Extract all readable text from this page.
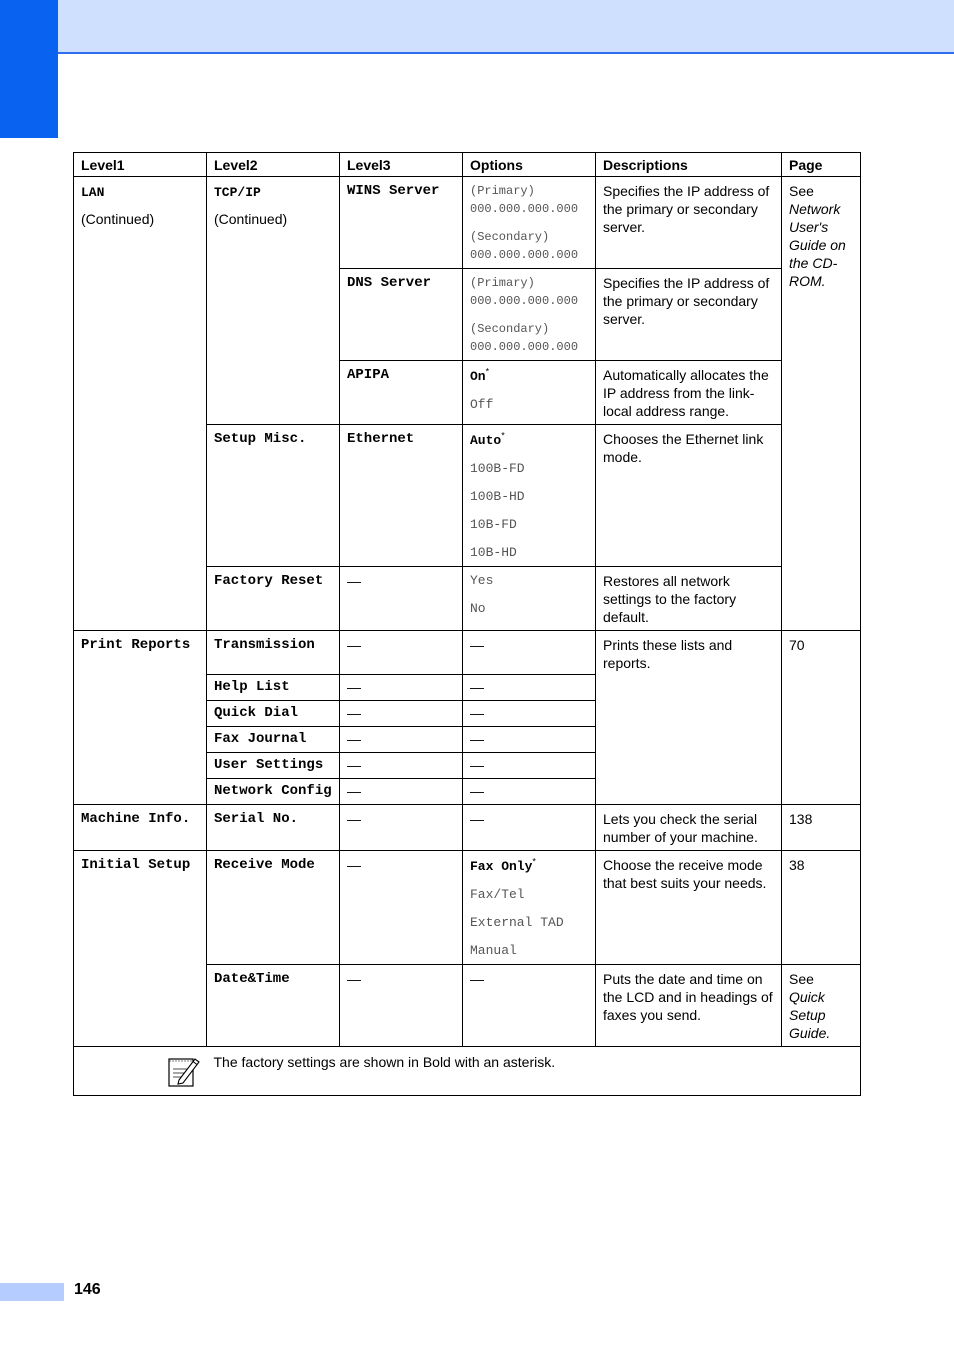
Level1	Level2	Level3	Options	Descriptions	Page
LAN
(Continued)	TCP/IP
(Continued)	WINS Server	(Primary)
000.000.000.000
(Secondary)
000.000.000.000	Specifies the IP address of the primary or secondary server.	See
Network User's Guide on the CD-ROM.
		DNS Server	(Primary)
000.000.000.000
(Secondary)
000.000.000.000	Specifies the IP address of the primary or secondary server.	
		APIPA	On*
Off	Automatically allocates the IP address from the link-local address range.	
	Setup Misc.	Ethernet	Auto*
100B-FD
100B-HD
10B-FD
10B-HD	Chooses the Ethernet link mode.	
	Factory Reset	—	Yes
No	Restores all network settings to the factory default.	
Print Reports	Transmission	—	—	Prints these lists and reports.	70
	Help List	—	—		
	Quick Dial	—	—		
	Fax Journal	—	—		
	User Settings	—	—		
	Network Config	—	—		
Machine Info.	Serial No.	—	—	Lets you check the serial number of your machine.	138
Initial Setup	Receive Mode	—	Fax Only*
Fax/Tel
External TAD
Manual	Choose the receive mode that best suits your needs.	38
	Date&Time	—	—	Puts the date and time on the LCD and in headings of faxes you send.	See
Quick Setup Guide.
	The factory settings are shown in Bold with an asterisk.				
146
